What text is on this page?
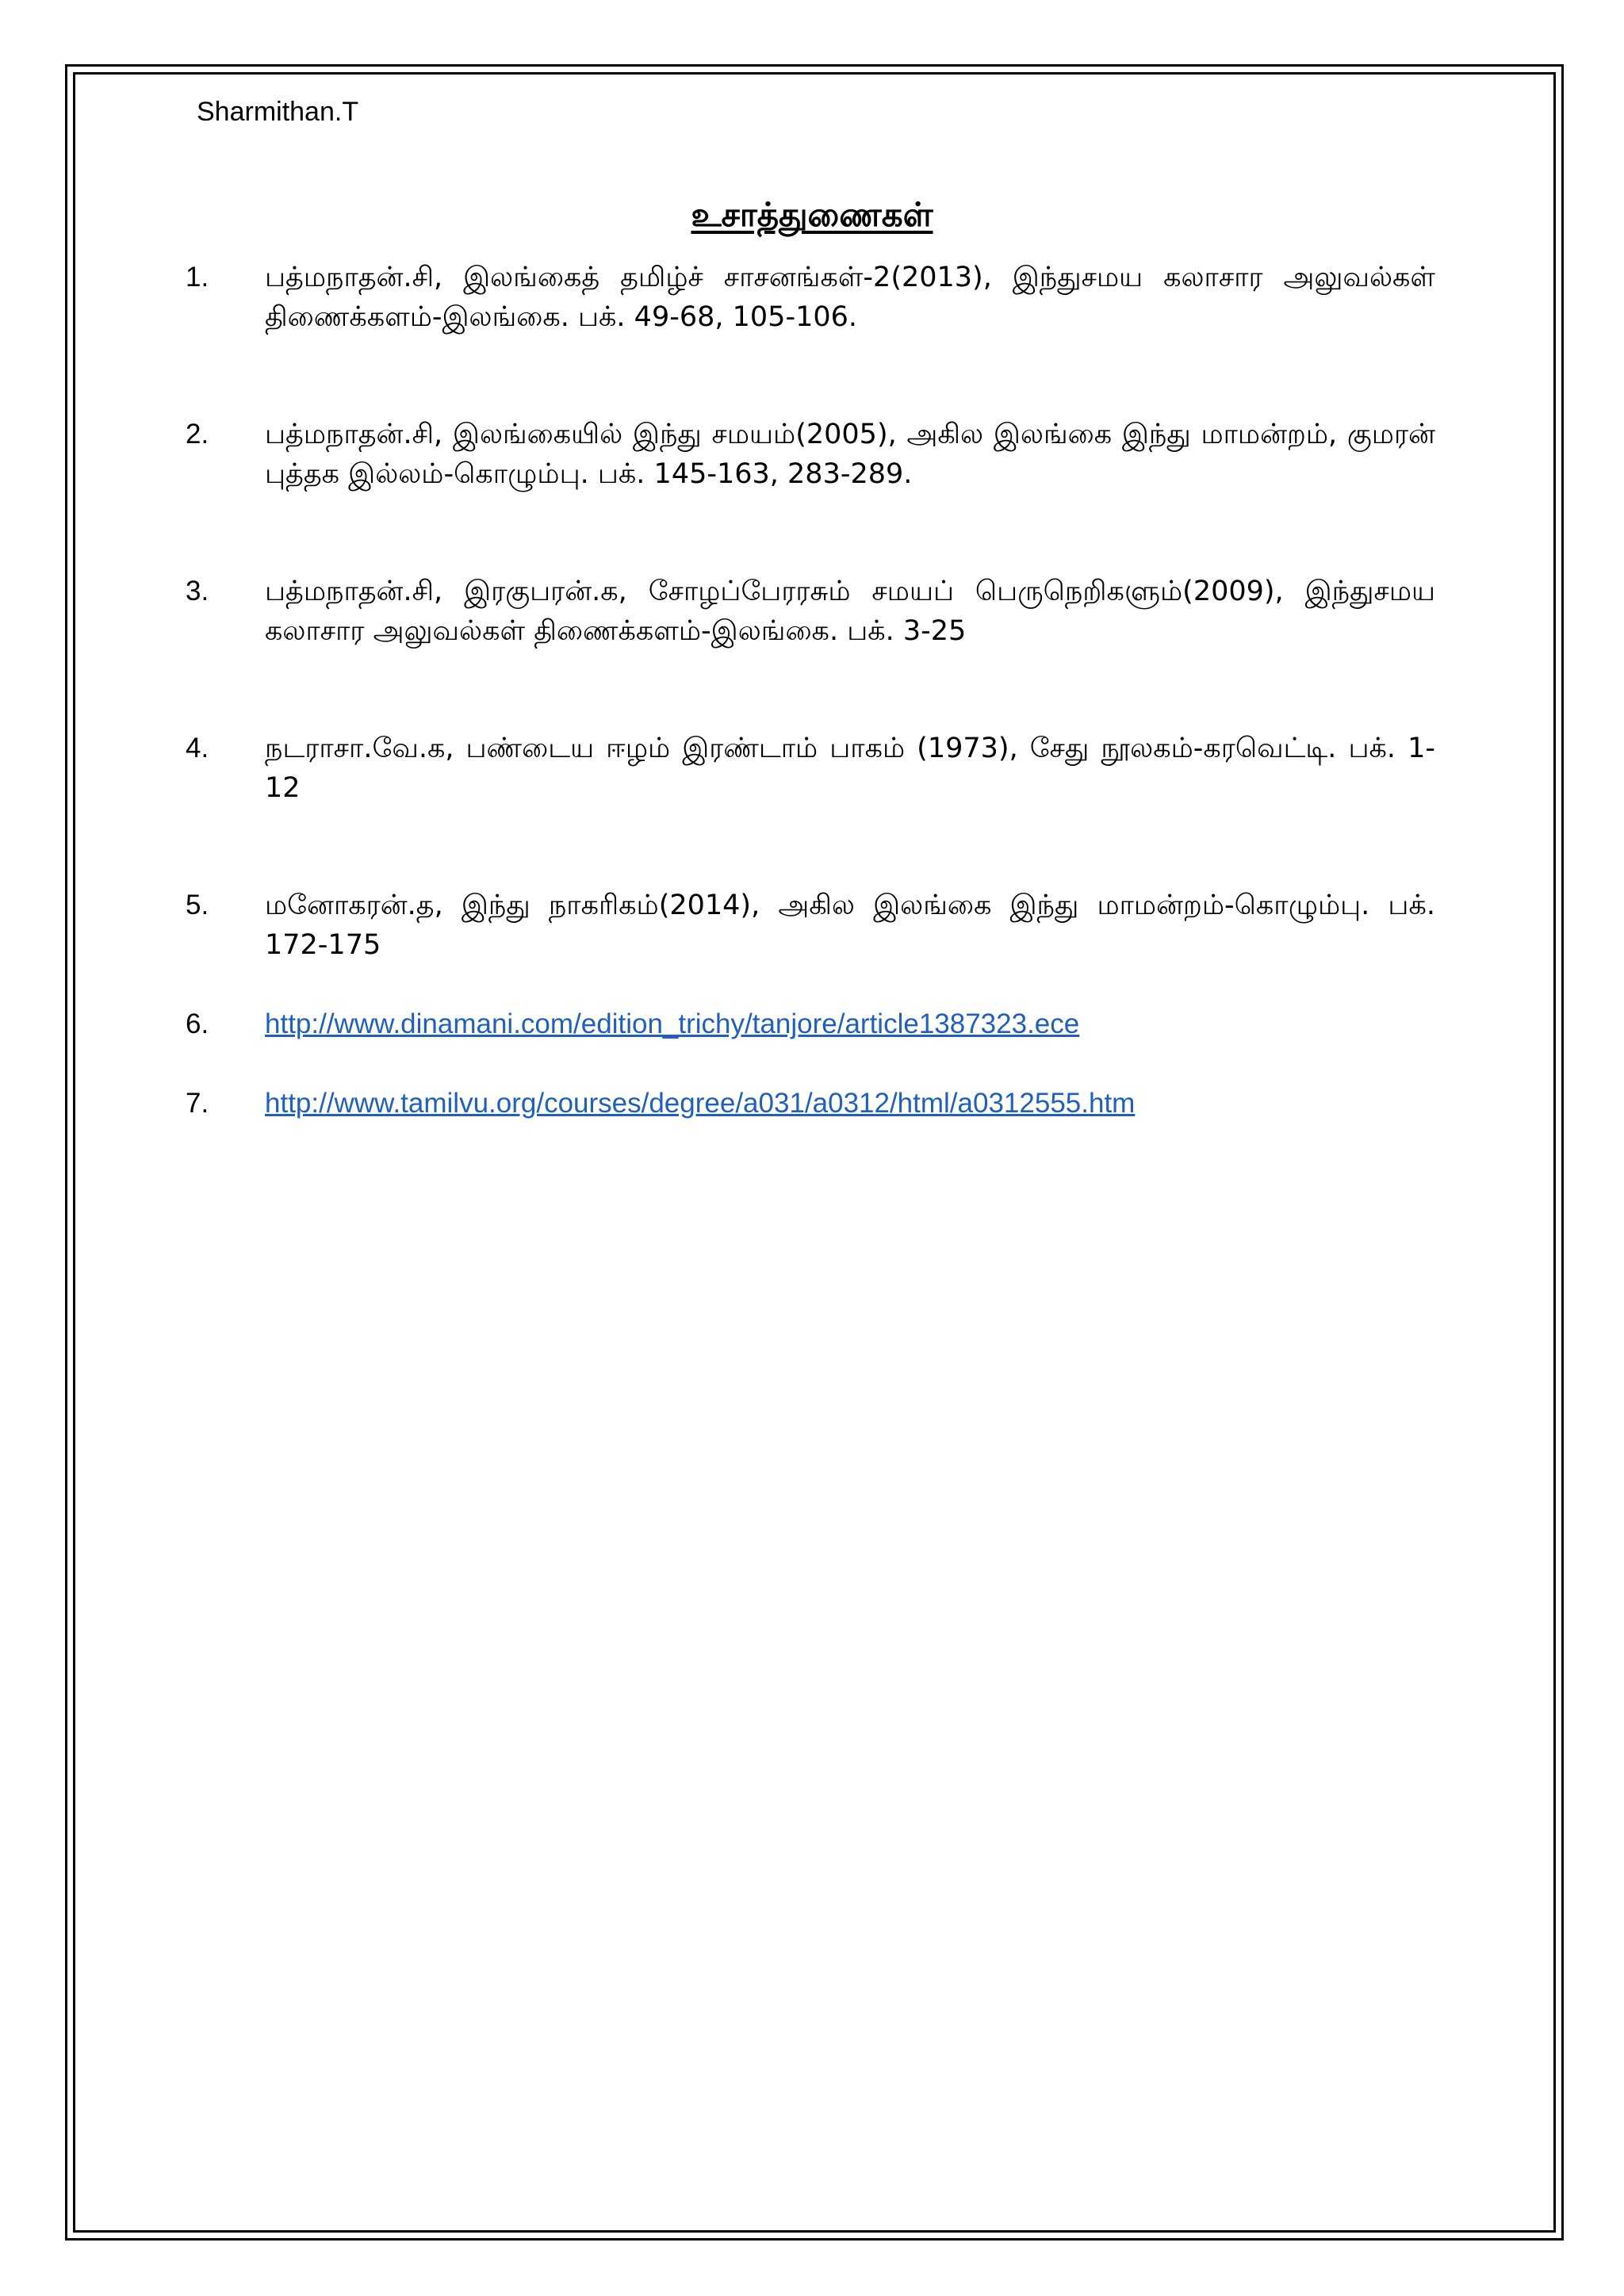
Sharmithan.T
உசாத்துணைகள்
1. பத்மநாதன்.சி, இலங்கைத் தமிழ்ச் சாசனங்கள்-2(2013), இந்துசமய கலாசார அலுவல்கள் திணைக்களம்-இலங்கை. பக். 49-68, 105-106.
2. பத்மநாதன்.சி, இலங்கையில் இந்து சமயம்(2005), அகில இலங்கை இந்து மாமன்றம், குமரன் புத்தக இல்லம்-கொழும்பு. பக். 145-163, 283-289.
3. பத்மநாதன்.சி, இரகுபரன்.க, சோழப்பேரரசும் சமயப் பெருநெறிகளும்(2009), இந்துசமய கலாசார அலுவல்கள் திணைக்களம்-இலங்கை. பக். 3-25
4. நடராசா.வே.க, பண்டைய ஈழம் இரண்டாம் பாகம் (1973), சேது நூலகம்-கரவெட்டி. பக். 1-12
5. மனோகரன்.த, இந்து நாகரிகம்(2014), அகில இலங்கை இந்து மாமன்றம்-கொழும்பு. பக். 172-175
6. http://www.dinamani.com/edition_trichy/tanjore/article1387323.ece
7. http://www.tamilvu.org/courses/degree/a031/a0312/html/a0312555.htm
